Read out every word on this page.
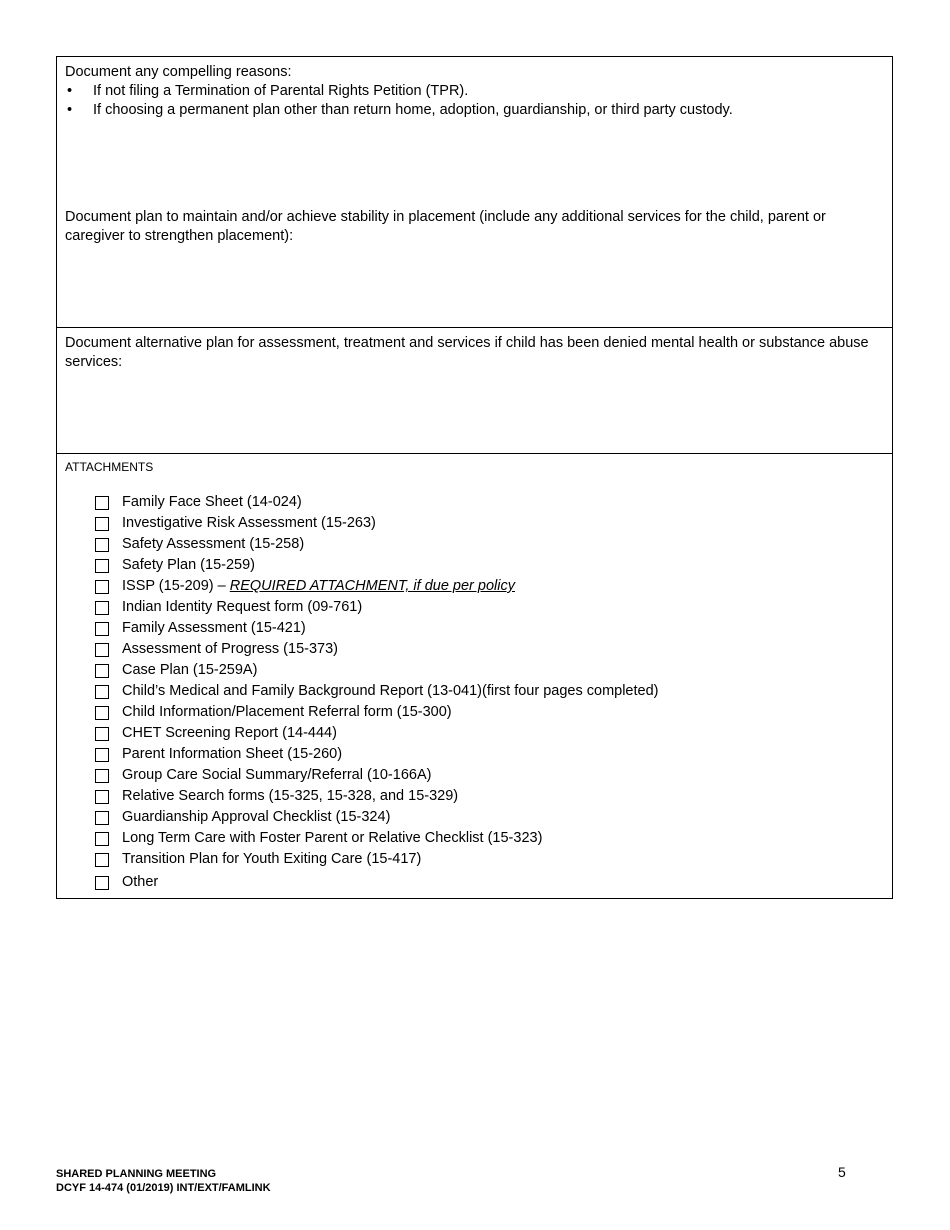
Document any compelling reasons:
• If not filing a Termination of Parental Rights Petition (TPR).
• If choosing a permanent plan other than return home, adoption, guardianship, or third party custody.
Document plan to maintain and/or achieve stability in placement (include any additional services for the child, parent or caregiver to strengthen placement):
Document alternative plan for assessment, treatment and services if child has been denied mental health or substance abuse services:
ATTACHMENTS
Family Face Sheet (14-024)
Investigative Risk Assessment (15-263)
Safety Assessment (15-258)
Safety Plan (15-259)
ISSP (15-209) – REQUIRED ATTACHMENT, if due per policy
Indian Identity Request form (09-761)
Family Assessment (15-421)
Assessment of Progress (15-373)
Case Plan (15-259A)
Child’s Medical and Family Background Report (13-041)(first four pages completed)
Child Information/Placement Referral form (15-300)
CHET Screening Report (14-444)
Parent Information Sheet (15-260)
Group Care Social Summary/Referral (10-166A)
Relative Search forms (15-325, 15-328, and 15-329)
Guardianship Approval Checklist (15-324)
Long Term Care with Foster Parent or Relative Checklist (15-323)
Transition Plan for Youth Exiting Care (15-417)
Other
SHARED PLANNING MEETING
DCYF 14-474 (01/2019) INT/EXT/FAMLINK
5
